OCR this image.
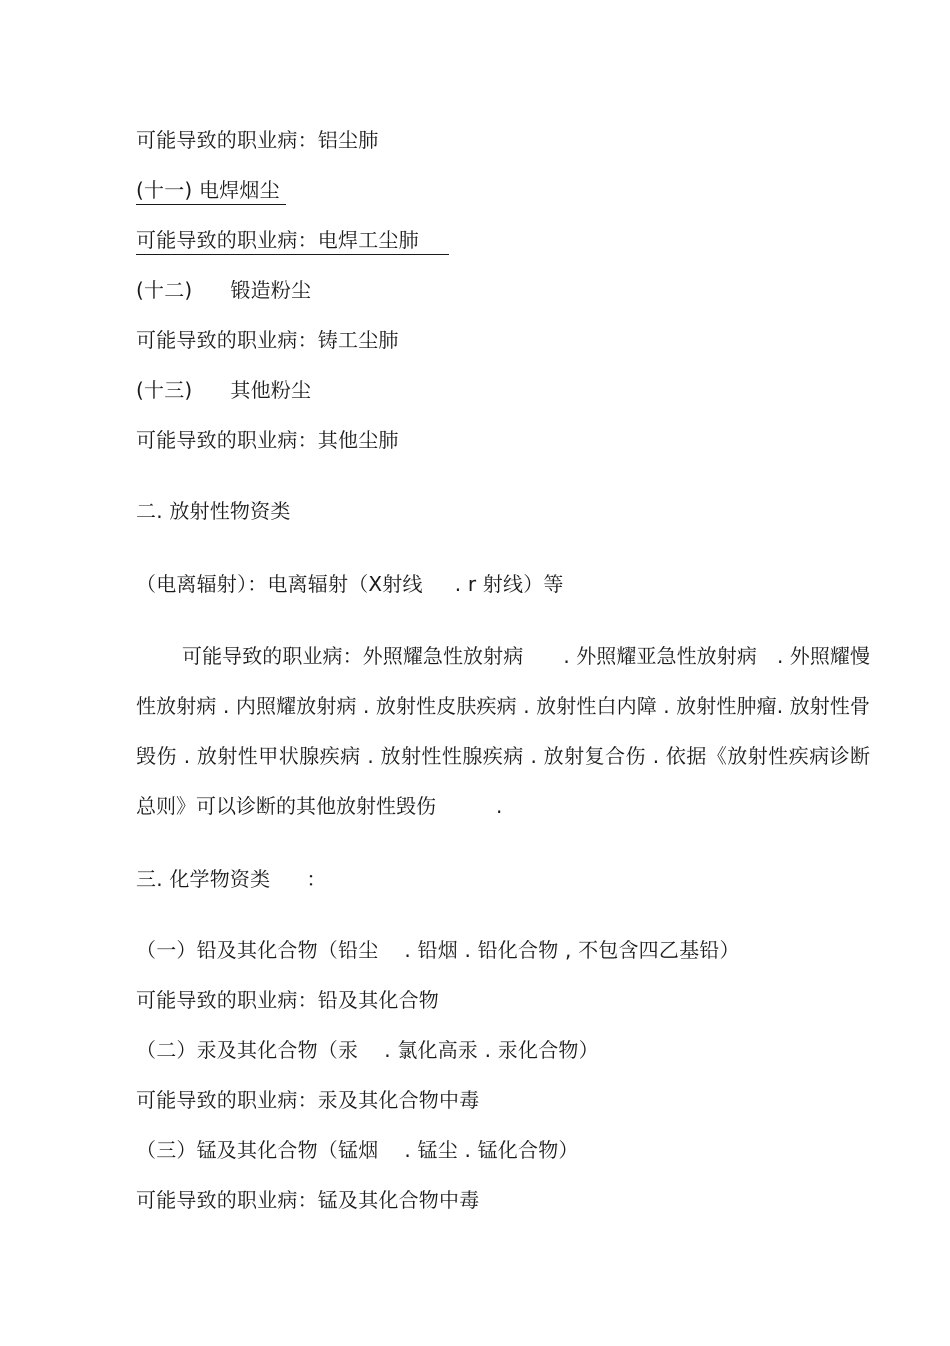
可能导致的职业病：铝尘肺
(十一) 电焊烟尘
可能导致的职业病：电焊工尘肺
(十二) 锻造粉尘
可能导致的职业病：铸工尘肺
(十三) 其他粉尘
可能导致的职业病：其他尘肺
二. 放射性物资类
（电离辐射）：电离辐射（X射线 . r 射线）等
可能导致的职业病：外照耀急性放射病　　. 外照耀亚急性放射病　. 外照耀慢性放射病 . 内照耀放射病 . 放射性皮肤疾病 . 放射性白内障 . 放射性肿瘤. 放射性骨毁伤 . 放射性甲状腺疾病 . 放射性性腺疾病 . 放射复合伤 . 依据《放射性疾病诊断总则》可以诊断的其他放射性毁伤　　　.
三. 化学物资类 ：
（一）铅及其化合物（铅尘 . 铅烟 . 铅化合物 , 不包含四乙基铅）
可能导致的职业病：铅及其化合物
（二）汞及其化合物（汞 . 氯化高汞 . 汞化合物）
可能导致的职业病：汞及其化合物中毒
（三）锰及其化合物（锰烟 . 锰尘 . 锰化合物）
可能导致的职业病：锰及其化合物中毒
